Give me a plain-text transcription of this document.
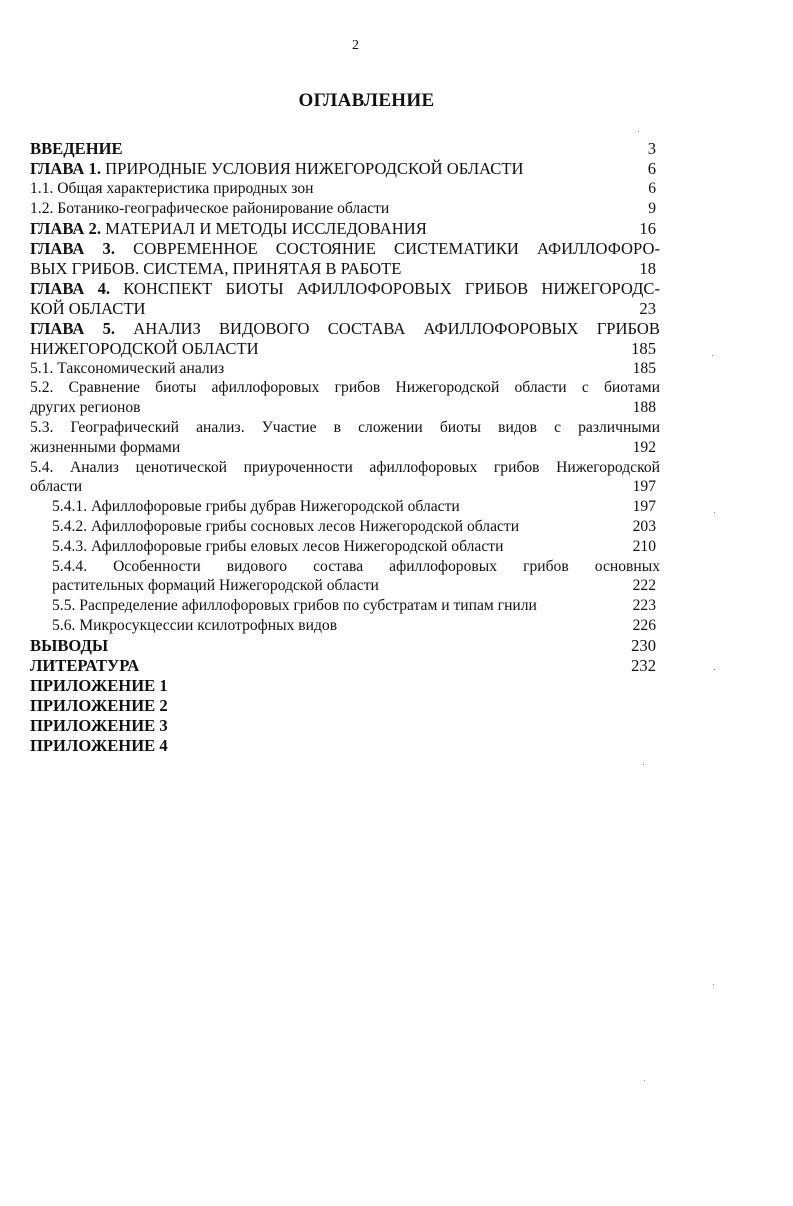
2
ОГЛАВЛЕНИЕ
ВВЕДЕНИЕ	3
ГЛАВА 1. ПРИРОДНЫЕ УСЛОВИЯ НИЖЕГОРОДСКОЙ ОБЛАСТИ	6
1.1. Общая характеристика природных зон	6
1.2. Ботанико-географическое районирование области	9
ГЛАВА 2. МАТЕРИАЛ И МЕТОДЫ ИССЛЕДОВАНИЯ	16
ГЛАВА 3. СОВРЕМЕННОЕ СОСТОЯНИЕ СИСТЕМАТИКИ АФИЛЛОФОРО-
ВЫХ ГРИБОВ. СИСТЕМА, ПРИНЯТАЯ В РАБОТЕ	18
ГЛАВА 4. КОНСПЕКТ БИОТЫ АФИЛЛОФОРОВЫХ ГРИБОВ НИЖЕГОРОДС-
КОЙ ОБЛАСТИ	23
ГЛАВА 5. АНАЛИЗ ВИДОВОГО СОСТАВА АФИЛЛОФОРОВЫХ ГРИБОВ
НИЖЕГОРОДСКОЙ ОБЛАСТИ	185
5.1. Таксономический анализ	185
5.2. Сравнение биоты афиллофоровых грибов Нижегородской области с биотами
других регионов	188
5.3. Географический анализ. Участие в сложении биоты видов с различными
жизненными формами	192
5.4. Анализ ценотической приуроченности афиллофоровых грибов Нижегородской
области	197
5.4.1. Афиллофоровые грибы дубрав Нижегородской области	197
5.4.2. Афиллофоровые грибы сосновых лесов Нижегородской области	203
5.4.3. Афиллофоровые грибы еловых лесов Нижегородской области	210
5.4.4. Особенности видового состава афиллофоровых грибов основных
растительных формаций Нижегородской области	222
5.5. Распределение афиллофоровых грибов по субстратам и типам гнили	223
5.6. Микросукцессии ксилотрофных видов	226
ВЫВОДЫ	230
ЛИТЕРАТУРА	232
ПРИЛОЖЕНИЕ 1
ПРИЛОЖЕНИЕ 2
ПРИЛОЖЕНИЕ 3
ПРИЛОЖЕНИЕ 4
